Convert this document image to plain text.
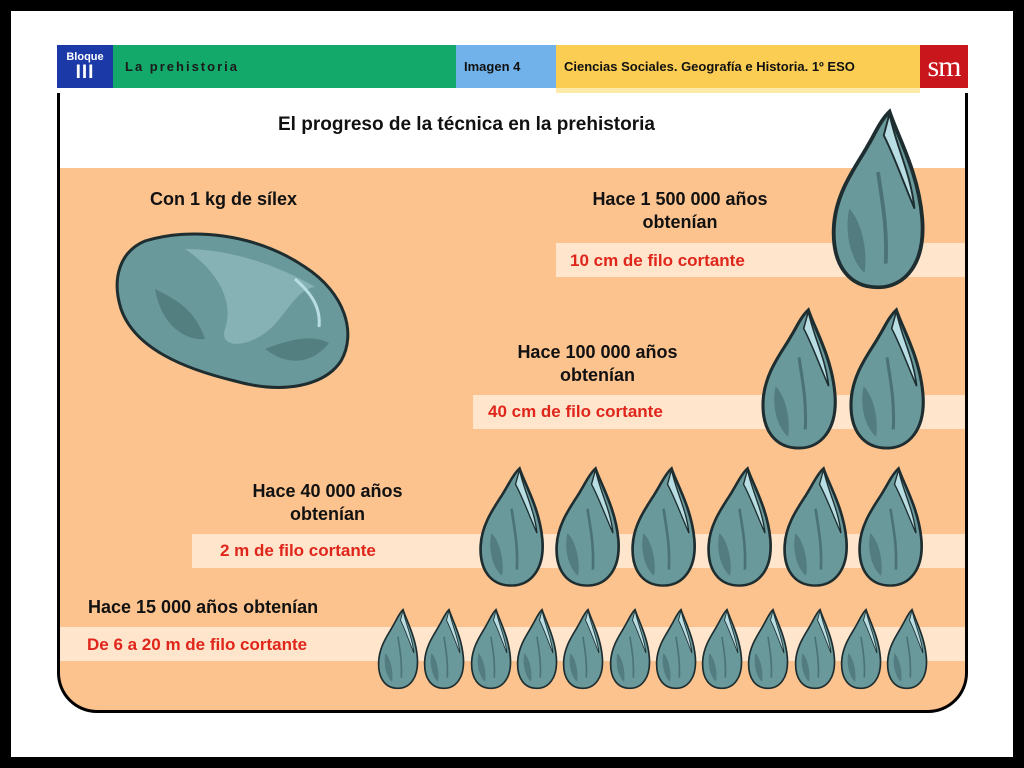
Bloque
III	La prehistoria	Imagen 4	Ciencias Sociales. Geografía e Historia. 1º ESO	sm
El progreso de la técnica en la prehistoria
Con 1 kg de sílex	Hace 1 500 000 años
obtenían
10 cm de filo cortante
Hace 100 000 años
obtenían
40 cm de filo cortante
Hace 40 000 años
obtenían
2 m de filo cortante
Hace 15 000 años obtenían
De 6 a 20 m de filo cortante
